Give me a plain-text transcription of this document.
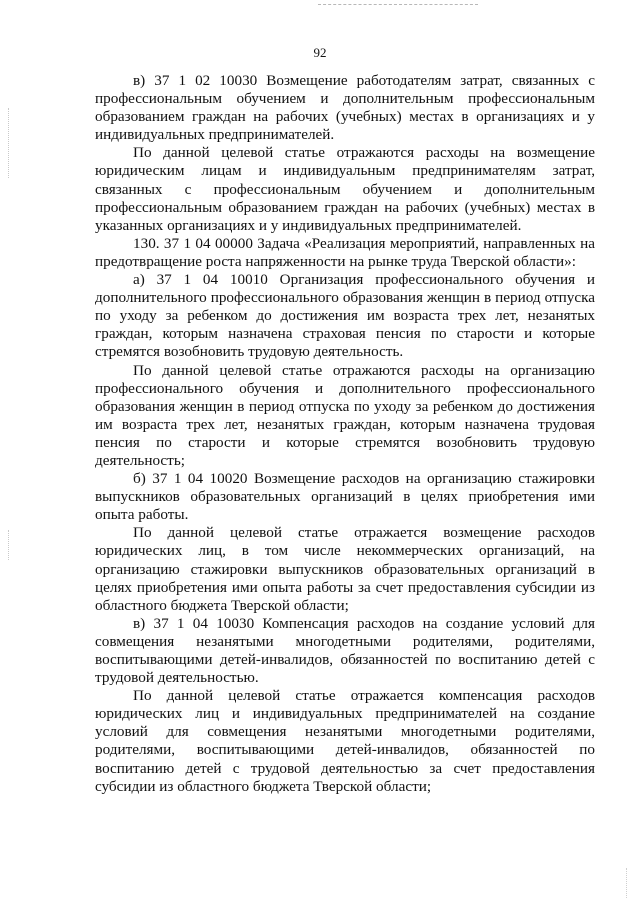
92

в) 37 1 02 10030 Возмещение работодателям затрат, связанных с профессиональным обучением и дополнительным профессиональным образованием граждан на рабочих (учебных) местах в организациях и у индивидуальных предпринимателей.

По данной целевой статье отражаются расходы на возмещение юридическим лицам и индивидуальным предпринимателям затрат, связанных с профессиональным обучением и дополнительным профессиональным образованием граждан на рабочих (учебных) местах в указанных организациях и у индивидуальных предпринимателей.

130. 37 1 04 00000 Задача «Реализация мероприятий, направленных на предотвращение роста напряженности на рынке труда Тверской области»:

а) 37 1 04 10010 Организация профессионального обучения и дополнительного профессионального образования женщин в период отпуска по уходу за ребенком до достижения им возраста трех лет, незанятых граждан, которым назначена страховая пенсия по старости и которые стремятся возобновить трудовую деятельность.

По данной целевой статье отражаются расходы на организацию профессионального обучения и дополнительного профессионального образования женщин в период отпуска по уходу за ребенком до достижения им возраста трех лет, незанятых граждан, которым назначена трудовая пенсия по старости и которые стремятся возобновить трудовую деятельность;

б) 37 1 04 10020 Возмещение расходов на организацию стажировки выпускников образовательных организаций в целях приобретения ими опыта работы.

По данной целевой статье отражается возмещение расходов юридических лиц, в том числе некоммерческих организаций, на организацию стажировки выпускников образовательных организаций в целях приобретения ими опыта работы за счет предоставления субсидии из областного бюджета Тверской области;

в) 37 1 04 10030 Компенсация расходов на создание условий для совмещения незанятыми многодетными родителями, родителями, воспитывающими детей-инвалидов, обязанностей по воспитанию детей с трудовой деятельностью.

По данной целевой статье отражается компенсация расходов юридических лиц и индивидуальных предпринимателей на создание условий для совмещения незанятыми многодетными родителями, родителями, воспитывающими детей-инвалидов, обязанностей по воспитанию детей с трудовой деятельностью за счет предоставления субсидии из областного бюджета Тверской области;
